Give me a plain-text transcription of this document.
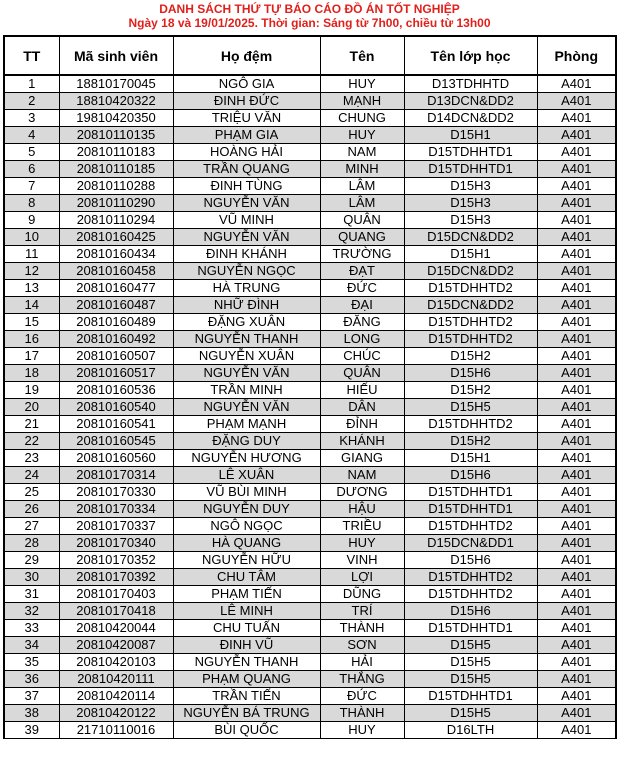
DANH SÁCH THỨ TỰ BÁO CÁO ĐỒ ÁN TỐT NGHIỆP
Ngày 18 và 19/01/2025. Thời gian: Sáng từ 7h00, chiều từ 13h00
TT	Mã sinh viên	Họ đệm	Tên	Tên lớp học	Phòng
1	18810170045	NGÔ GIA	HUY	D13TDHHTD	A401
2	18810420322	ĐINH ĐỨC	MẠNH	D13DCN&DD2	A401
3	19810420350	TRIỆU VĂN	CHUNG	D14DCN&DD2	A401
4	20810110135	PHẠM GIA	HUY	D15H1	A401
5	20810110183	HOÀNG HẢI	NAM	D15TDHHTD1	A401
6	20810110185	TRẦN QUANG	MINH	D15TDHHTD1	A401
7	20810110288	ĐINH TÙNG	LÂM	D15H3	A401
8	20810110290	NGUYỄN VĂN	LÂM	D15H3	A401
9	20810110294	VŨ MINH	QUÂN	D15H3	A401
10	20810160425	NGUYỄN VĂN	QUANG	D15DCN&DD2	A401
11	20810160434	ĐINH KHÁNH	TRƯỜNG	D15H1	A401
12	20810160458	NGUYỄN NGỌC	ĐẠT	D15DCN&DD2	A401
13	20810160477	HÀ TRUNG	ĐỨC	D15TDHHTD2	A401
14	20810160487	NHỮ ĐÌNH	ĐẠI	D15DCN&DD2	A401
15	20810160489	ĐẶNG XUÂN	ĐĂNG	D15TDHHTD2	A401
16	20810160492	NGUYỄN THANH	LONG	D15TDHHTD2	A401
17	20810160507	NGUYỄN XUÂN	CHÚC	D15H2	A401
18	20810160517	NGUYỄN VĂN	QUÂN	D15H6	A401
19	20810160536	TRẦN MINH	HIẾU	D15H2	A401
20	20810160540	NGUYỄN VĂN	DÂN	D15H5	A401
21	20810160541	PHẠM MẠNH	ĐỈNH	D15TDHHTD2	A401
22	20810160545	ĐẶNG DUY	KHÁNH	D15H2	A401
23	20810160560	NGUYỄN HƯƠNG	GIANG	D15H1	A401
24	20810170314	LÊ XUÂN	NAM	D15H6	A401
25	20810170330	VŨ BÙI MINH	DƯƠNG	D15TDHHTD1	A401
26	20810170334	NGUYỄN DUY	HẬU	D15TDHHTD1	A401
27	20810170337	NGÔ NGỌC	TRIỀU	D15TDHHTD2	A401
28	20810170340	HÀ QUANG	HUY	D15DCN&DD1	A401
29	20810170352	NGUYỄN HỮU	VINH	D15H6	A401
30	20810170392	CHU TÂM	LỢI	D15TDHHTD2	A401
31	20810170403	PHẠM TIẾN	DŨNG	D15TDHHTD2	A401
32	20810170418	LÊ MINH	TRÍ	D15H6	A401
33	20810420044	CHU TUẤN	THÀNH	D15TDHHTD1	A401
34	20810420087	ĐINH VŨ	SƠN	D15H5	A401
35	20810420103	NGUYỄN THANH	HẢI	D15H5	A401
36	20810420111	PHẠM QUANG	THẮNG	D15H5	A401
37	20810420114	TRẦN TIẾN	ĐỨC	D15TDHHTD1	A401
38	20810420122	NGUYỄN BÁ TRUNG	THÀNH	D15H5	A401
39	21710110016	BÙI QUỐC	HUY	D16LTH	A401
